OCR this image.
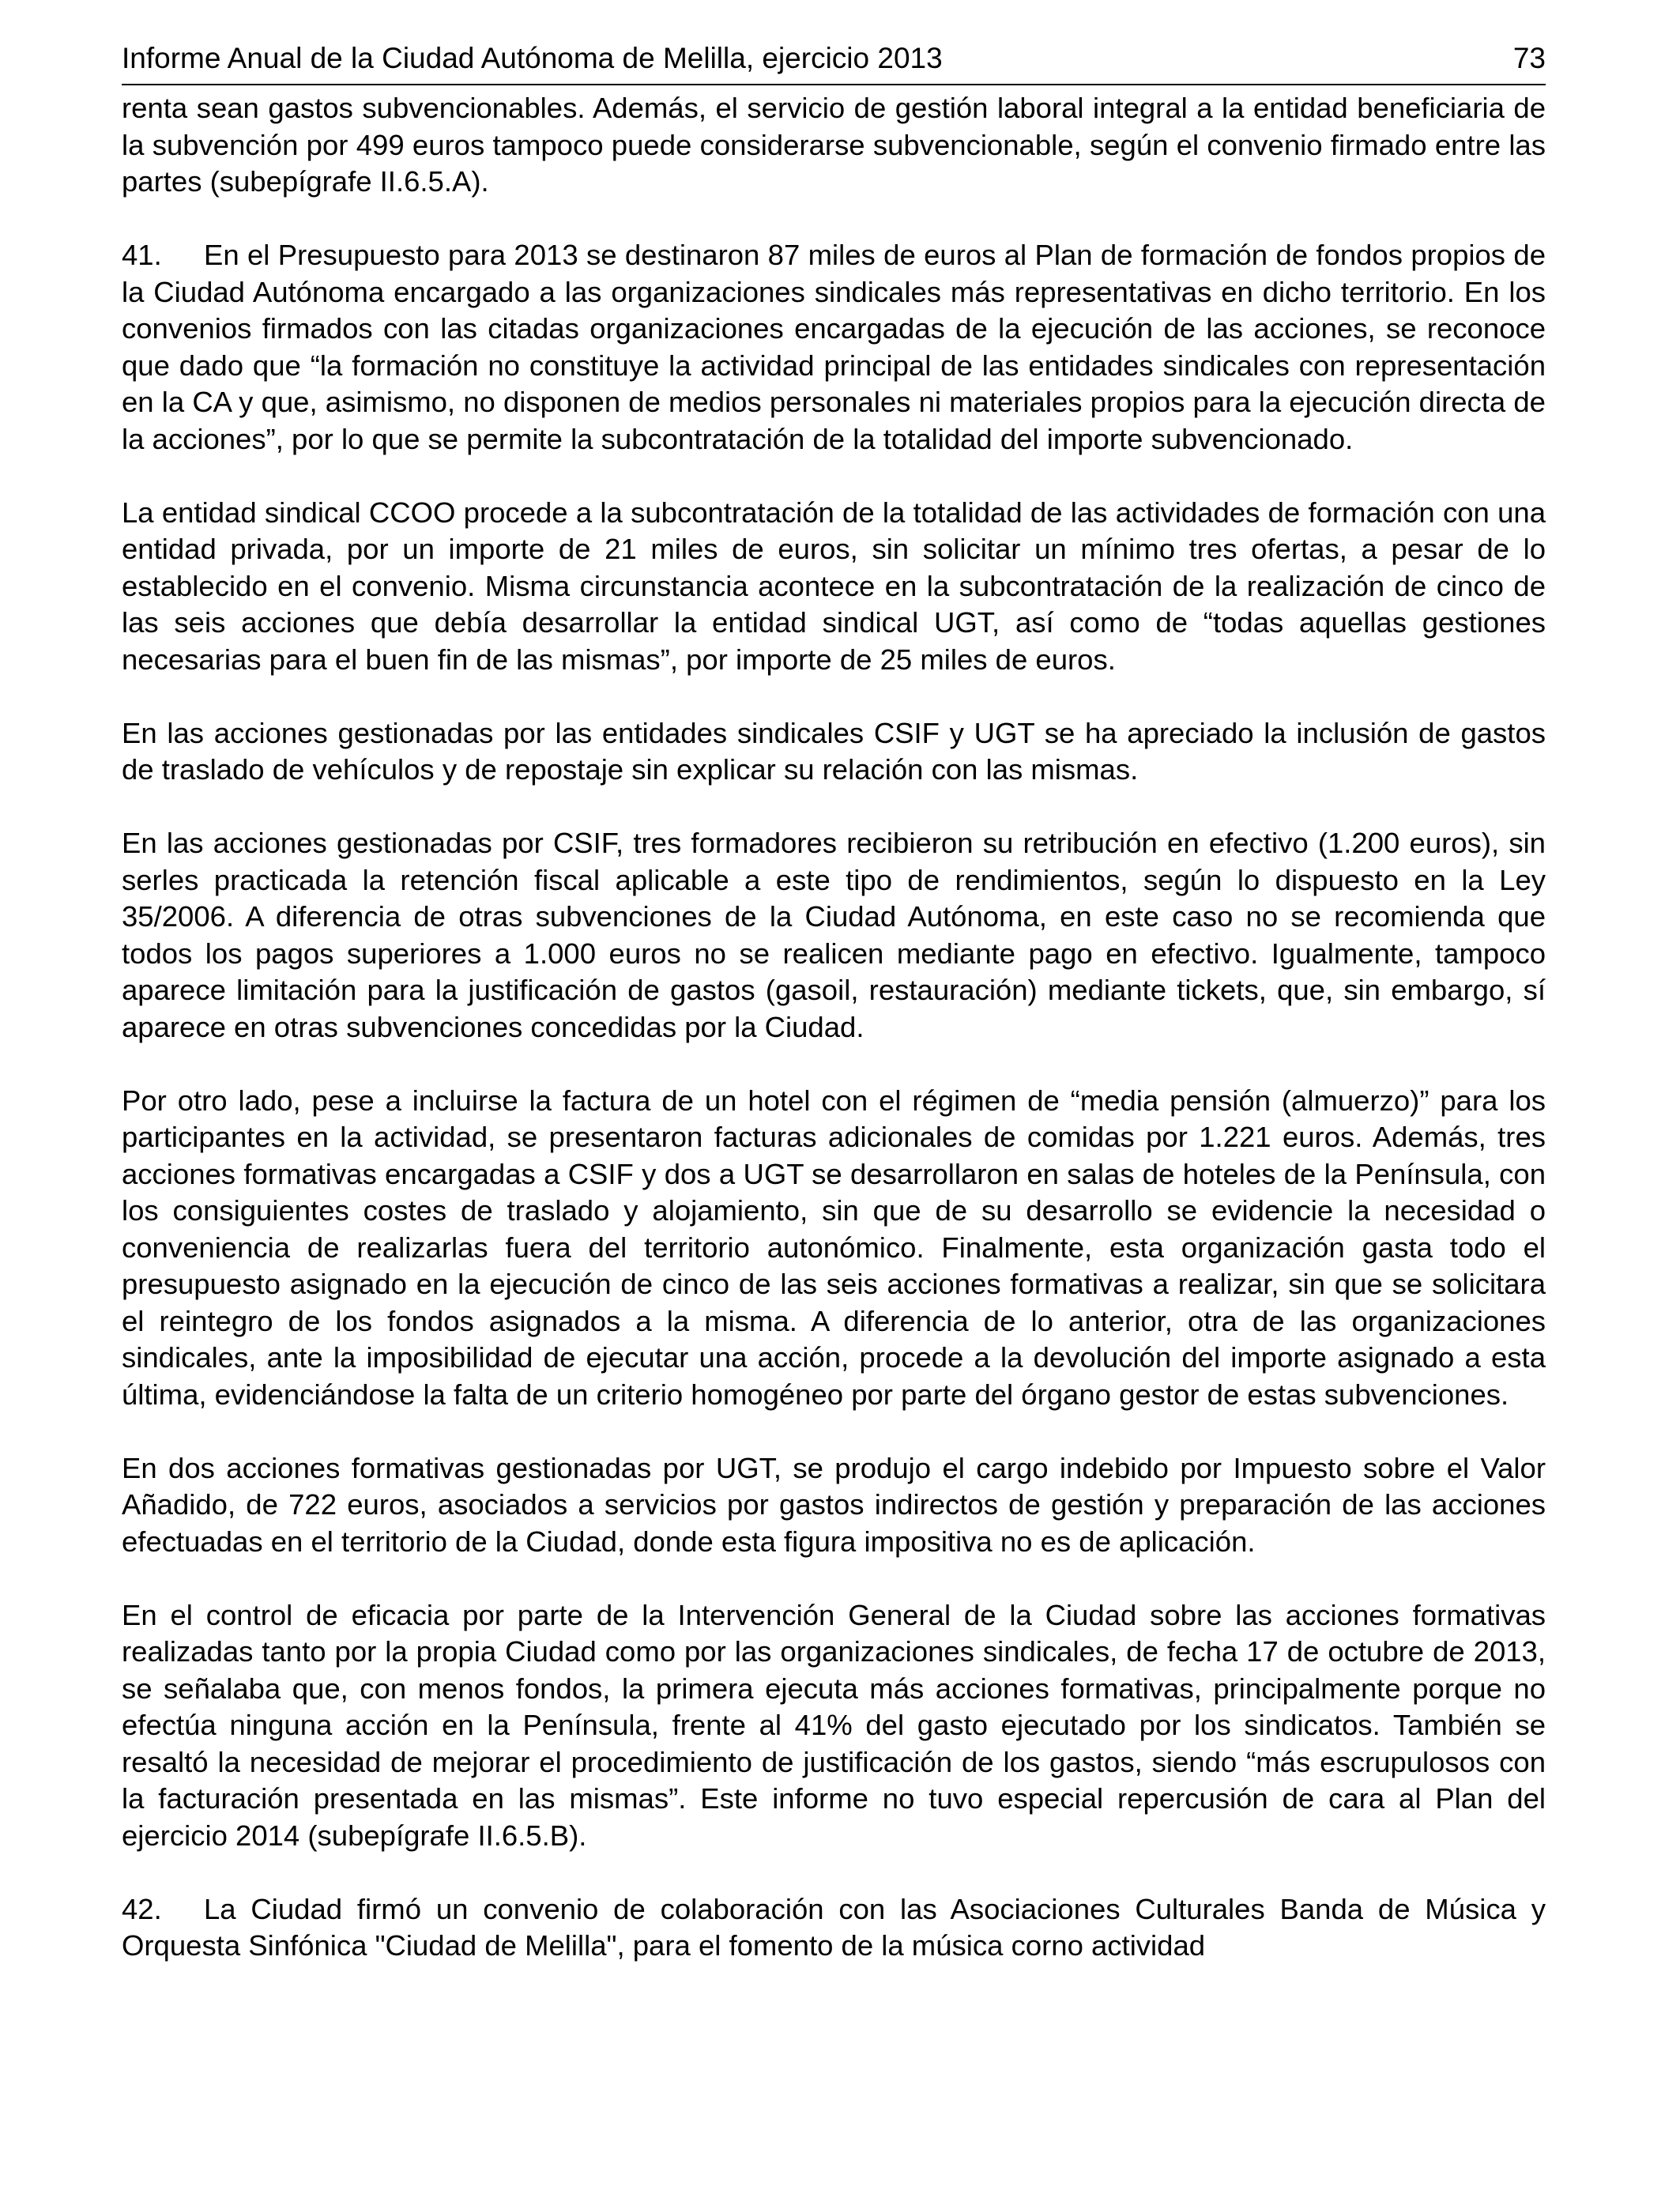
Informe Anual de la Ciudad Autónoma de Melilla, ejercicio 2013	73

renta sean gastos subvencionables. Además, el servicio de gestión laboral integral a la entidad beneficiaria de la subvención por 499 euros tampoco puede considerarse subvencionable, según el convenio firmado entre las partes (subepígrafe II.6.5.A).

41. En el Presupuesto para 2013 se destinaron 87 miles de euros al Plan de formación de fondos propios de la Ciudad Autónoma encargado a las organizaciones sindicales más representativas en dicho territorio. En los convenios firmados con las citadas organizaciones encargadas de la ejecución de las acciones, se reconoce que dado que “la formación no constituye la actividad principal de las entidades sindicales con representación en la CA y que, asimismo, no disponen de medios personales ni materiales propios para la ejecución directa de la acciones”, por lo que se permite la subcontratación de la totalidad del importe subvencionado.

La entidad sindical CCOO procede a la subcontratación de la totalidad de las actividades de formación con una entidad privada, por un importe de 21 miles de euros, sin solicitar un mínimo tres ofertas, a pesar de lo establecido en el convenio. Misma circunstancia acontece en la subcontratación de la realización de cinco de las seis acciones que debía desarrollar la entidad sindical UGT, así como de “todas aquellas gestiones necesarias para el buen fin de las mismas”, por importe de 25 miles de euros.

En las acciones gestionadas por las entidades sindicales CSIF y UGT se ha apreciado la inclusión de gastos de traslado de vehículos y de repostaje sin explicar su relación con las mismas.

En las acciones gestionadas por CSIF, tres formadores recibieron su retribución en efectivo (1.200 euros), sin serles practicada la retención fiscal aplicable a este tipo de rendimientos, según lo dispuesto en la Ley 35/2006. A diferencia de otras subvenciones de la Ciudad Autónoma, en este caso no se recomienda que todos los pagos superiores a 1.000 euros no se realicen mediante pago en efectivo. Igualmente, tampoco aparece limitación para la justificación de gastos (gasoil, restauración) mediante tickets, que, sin embargo, sí aparece en otras subvenciones concedidas por la Ciudad.

Por otro lado, pese a incluirse la factura de un hotel con el régimen de “media pensión (almuerzo)” para los participantes en la actividad, se presentaron facturas adicionales de comidas por 1.221 euros. Además, tres acciones formativas encargadas a CSIF y dos a UGT se desarrollaron en salas de hoteles de la Península, con los consiguientes costes de traslado y alojamiento, sin que de su desarrollo se evidencie la necesidad o conveniencia de realizarlas fuera del territorio autonómico. Finalmente, esta organización gasta todo el presupuesto asignado en la ejecución de cinco de las seis acciones formativas a realizar, sin que se solicitara el reintegro de los fondos asignados a la misma. A diferencia de lo anterior, otra de las organizaciones sindicales, ante la imposibilidad de ejecutar una acción, procede a la devolución del importe asignado a esta última, evidenciándose la falta de un criterio homogéneo por parte del órgano gestor de estas subvenciones.

En dos acciones formativas gestionadas por UGT, se produjo el cargo indebido por Impuesto sobre el Valor Añadido, de 722 euros, asociados a servicios por gastos indirectos de gestión y preparación de las acciones efectuadas en el territorio de la Ciudad, donde esta figura impositiva no es de aplicación.

En el control de eficacia por parte de la Intervención General de la Ciudad sobre las acciones formativas realizadas tanto por la propia Ciudad como por las organizaciones sindicales, de fecha 17 de octubre de 2013, se señalaba que, con menos fondos, la primera ejecuta más acciones formativas, principalmente porque no efectúa ninguna acción en la Península, frente al 41% del gasto ejecutado por los sindicatos. También se resaltó la necesidad de mejorar el procedimiento de justificación de los gastos, siendo “más escrupulosos con la facturación presentada en las mismas”. Este informe no tuvo especial repercusión de cara al Plan del ejercicio 2014 (subepígrafe II.6.5.B).

42. La Ciudad firmó un convenio de colaboración con las Asociaciones Culturales Banda de Música y Orquesta Sinfónica "Ciudad de Melilla", para el fomento de la música corno actividad
